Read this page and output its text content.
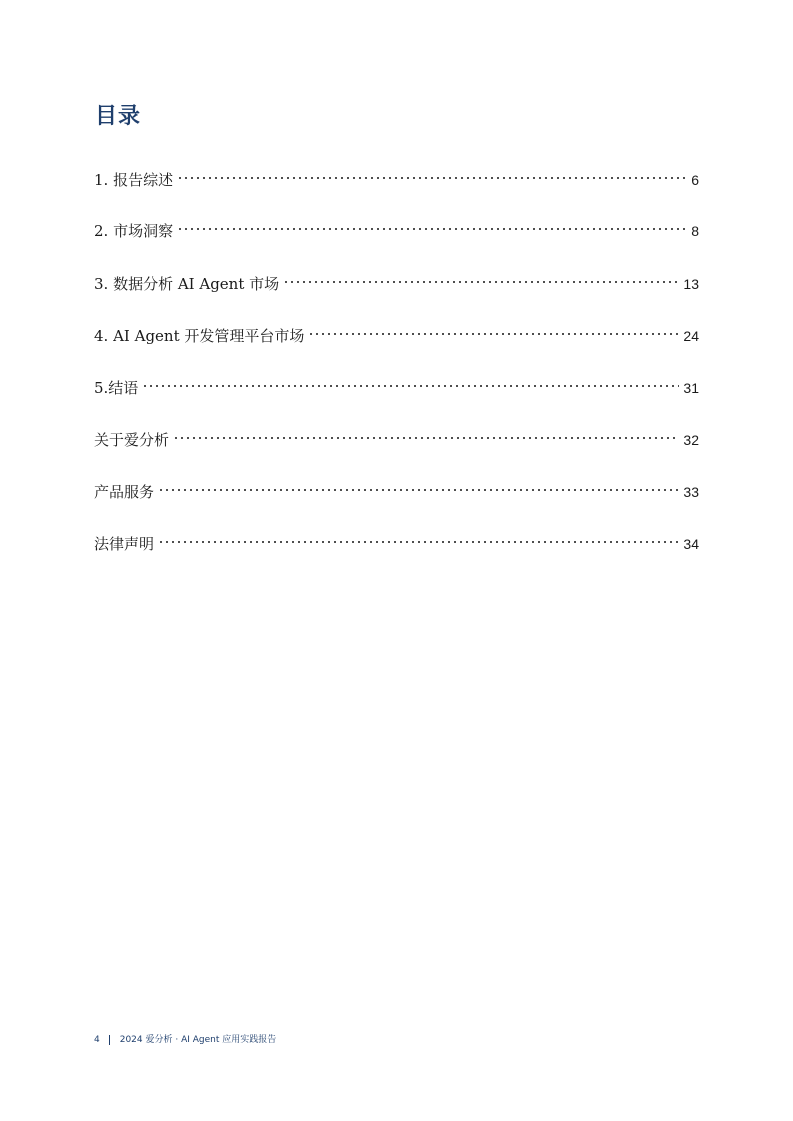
目录
1. 报告综述	6
2. 市场洞察	8
3. 数据分析 AI Agent 市场	13
4. AI Agent 开发管理平台市场	24
5.结语	31
关于爱分析	32
产品服务	33
法律声明	34
4 2024 爱分析 · AI Agent 应用实践报告
